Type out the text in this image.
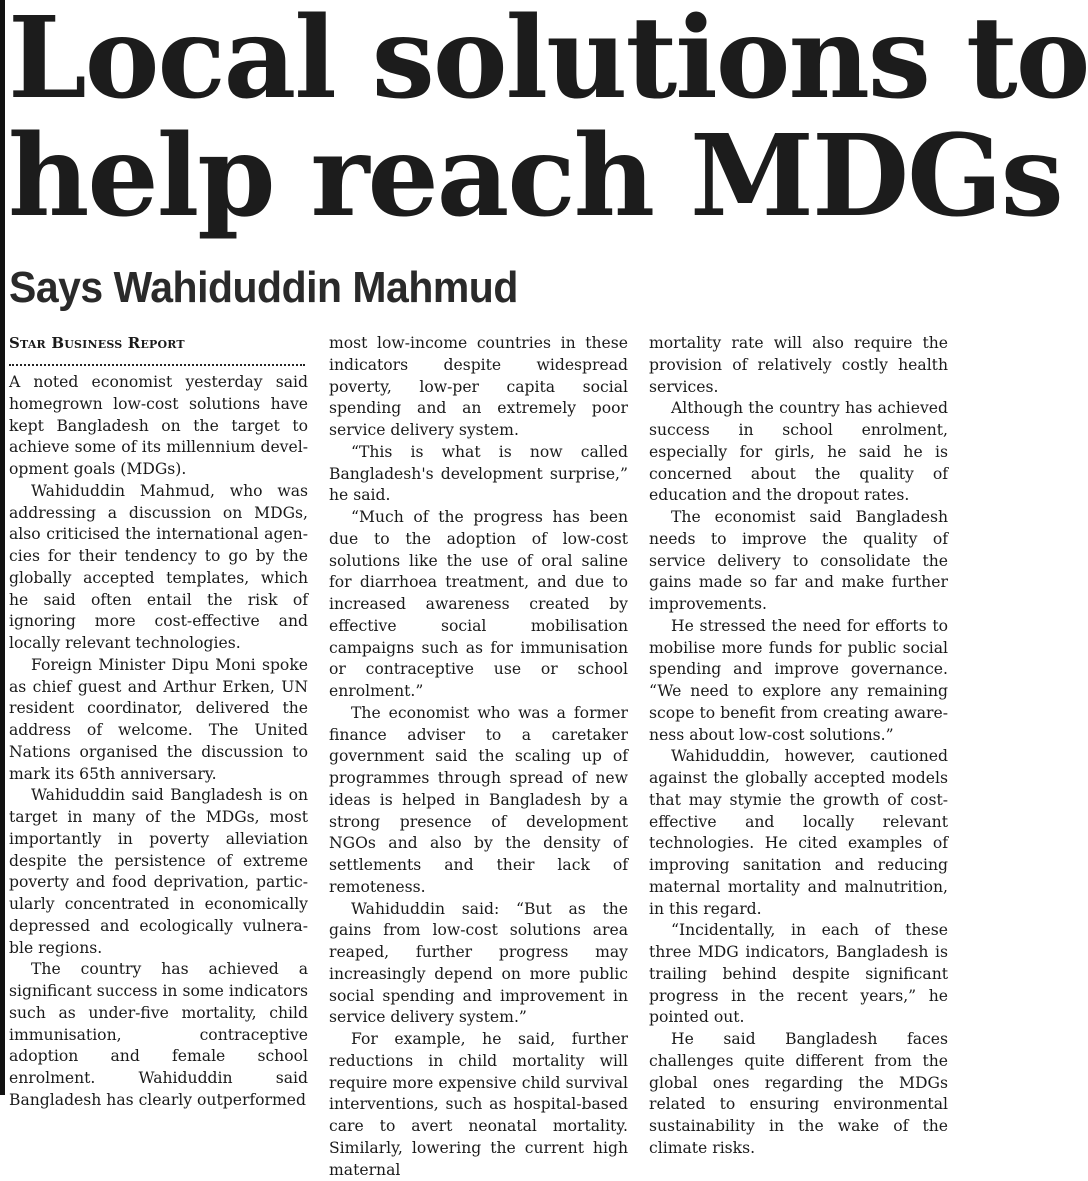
Local solutions to
help reach MDGs
Says Wahiduddin Mahmud
Star Business Report

A noted economist yesterday said homegrown low-cost solutions have kept Bangladesh on the target to achieve some of its millennium development goals (MDGs).

Wahiduddin Mahmud, who was addressing a discussion on MDGs, also criticised the international agencies for their tendency to go by the globally accepted templates, which he said often entail the risk of ignoring more cost-effective and locally relevant technologies.

Foreign Minister Dipu Moni spoke as chief guest and Arthur Erken, UN resident coordinator, delivered the address of welcome. The United Nations organised the discussion to mark its 65th anniversary.

Wahiduddin said Bangladesh is on target in many of the MDGs, most importantly in poverty alleviation despite the persistence of extreme poverty and food deprivation, particularly concentrated in economically depressed and ecologically vulnerable regions.

The country has achieved a significant success in some indicators such as under-five mortality, child immunisation, contraceptive adoption and female school enrolment. Wahiduddin said Bangladesh has clearly outperformed

most low-income countries in these indicators despite widespread poverty, low-per capita social spending and an extremely poor service delivery system.

“This is what is now called Bangladesh's development surprise,” he said.

“Much of the progress has been due to the adoption of low-cost solutions like the use of oral saline for diarrhoea treatment, and due to increased awareness created by effective social mobilisation campaigns such as for immunisation or contraceptive use or school enrolment.”

The economist who was a former finance adviser to a caretaker government said the scaling up of programmes through spread of new ideas is helped in Bangladesh by a strong presence of development NGOs and also by the density of settlements and their lack of remoteness.

Wahiduddin said: “But as the gains from low-cost solutions area reaped, further progress may increasingly depend on more public social spending and improvement in service delivery system.”

For example, he said, further reductions in child mortality will require more expensive child survival interventions, such as hospital-based care to avert neonatal mortality. Similarly, lowering the current high maternal

mortality rate will also require the provision of relatively costly health services.

Although the country has achieved success in school enrolment, especially for girls, he said he is concerned about the quality of education and the dropout rates.

The economist said Bangladesh needs to improve the quality of service delivery to consolidate the gains made so far and make further improvements.

He stressed the need for efforts to mobilise more funds for public social spending and improve governance. “We need to explore any remaining scope to benefit from creating awareness about low-cost solutions.”

Wahiduddin, however, cautioned against the globally accepted models that may stymie the growth of cost-effective and locally relevant technologies. He cited examples of improving sanitation and reducing maternal mortality and malnutrition, in this regard.

“Incidentally, in each of these three MDG indicators, Bangladesh is trailing behind despite significant progress in the recent years,” he pointed out.

He said Bangladesh faces challenges quite different from the global ones regarding the MDGs related to ensuring environmental sustainability in the wake of the climate risks.
